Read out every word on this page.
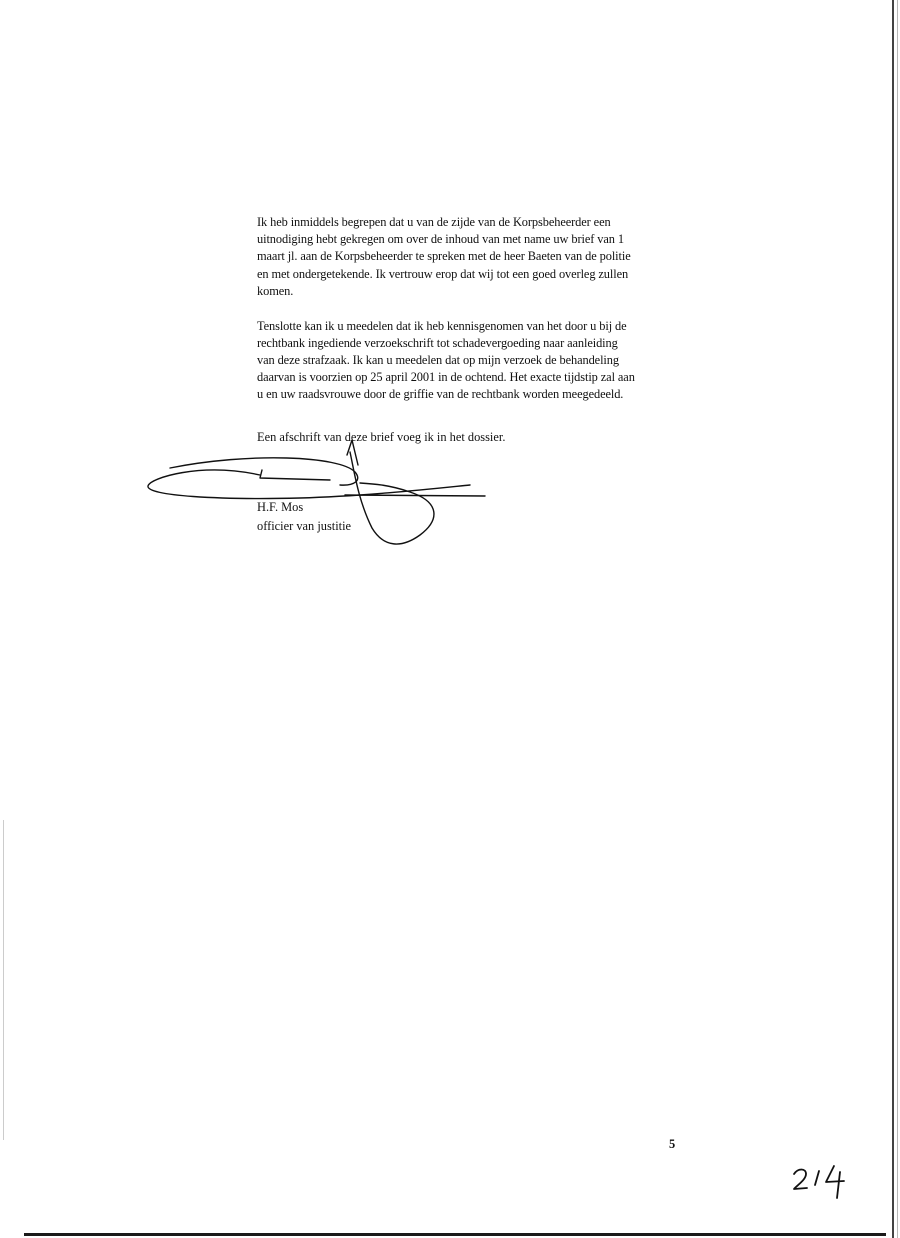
Ik heb inmiddels begrepen dat u van de zijde van de Korpsbeheerder een
uitnodiging hebt gekregen om over de inhoud van met name uw brief van 1
maart jl. aan de Korpsbeheerder te spreken met de heer Baeten van de politie
en met ondergetekende. Ik vertrouw erop dat wij tot een goed overleg zullen
komen.

Tenslotte kan ik u meedelen dat ik heb kennisgenomen van het door u bij de
rechtbank ingediende verzoekschrift tot schadevergoeding naar aanleiding
van deze strafzaak. Ik kan u meedelen dat op mijn verzoek de behandeling
daarvan is voorzien op 25 april 2001 in de ochtend. Het exacte tijdstip zal aan
u en uw raadsvrouwe door de griffie van de rechtbank worden meegedeeld.

Een afschrift van deze brief voeg ik in het dossier.
H.F. Mos
officier van justitie
5
